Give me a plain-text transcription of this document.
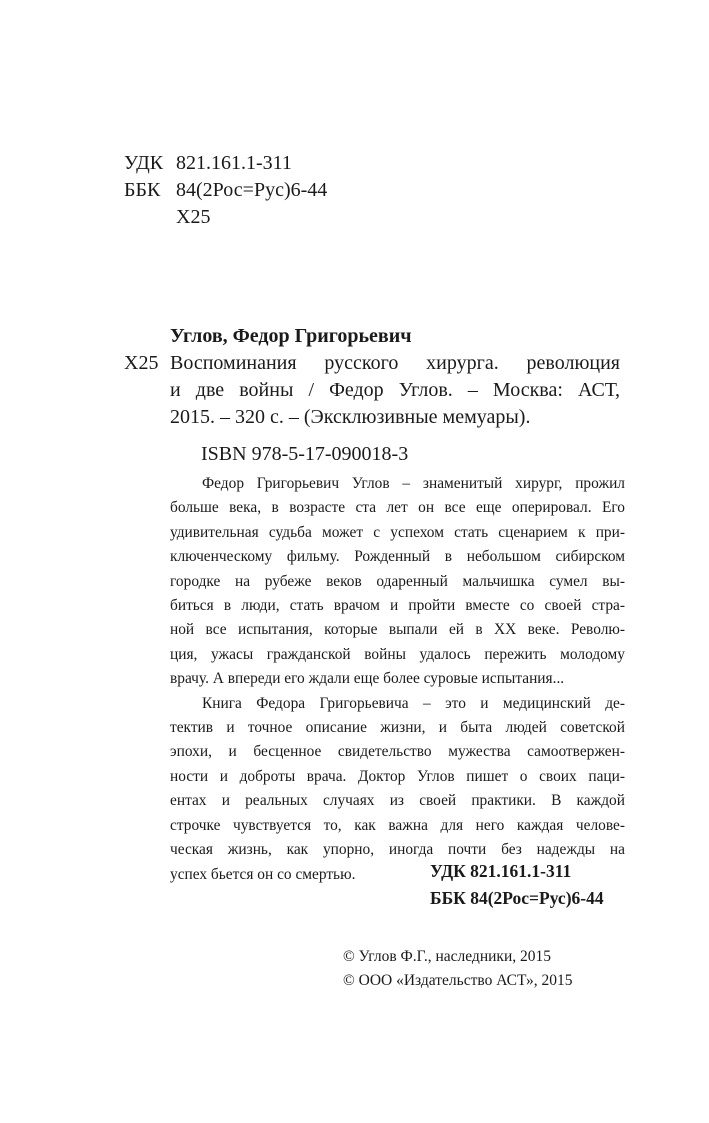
УДК 821.161.1-311
ББК 84(2Рос=Рус)6-44
Х25
Углов, Федор Григорьевич
Х25 Воспоминания русского хирурга. революция
и две войны / Федор Углов. – Москва: АСТ,
2015. – 320 с. – (Эксклюзивные мемуары).
ISBN 978-5-17-090018-3

Федор Григорьевич Углов – знаменитый хирург, прожил
больше века, в возрасте ста лет он все еще оперировал. Его
удивительная судьба может с успехом стать сценарием к при-
ключенческому фильму. Рожденный в небольшом сибирском
городке на рубеже веков одаренный мальчишка сумел вы-
биться в люди, стать врачом и пройти вместе со своей стра-
ной все испытания, которые выпали ей в XX веке. Револю-
ция, ужасы гражданской войны удалось пережить молодому
врачу. А впереди его ждали еще более суровые испытания...

Книга Федора Григорьевича – это и медицинский де-
тектив и точное описание жизни, и быта людей советской
эпохи, и бесценное свидетельство мужества самоотвержен-
ности и доброты врача. Доктор Углов пишет о своих паци-
ентах и реальных случаях из своей практики. В каждой
строчке чувствуется то, как важна для него каждая челове-
ческая жизнь, как упорно, иногда почти без надежды на
успех бьется он со смертью.	УДК 821.161.1-311
ББК 84(2Рос=Рус)6-44
© Углов Ф.Г., наследники, 2015
© ООО «Издательство АСТ», 2015
